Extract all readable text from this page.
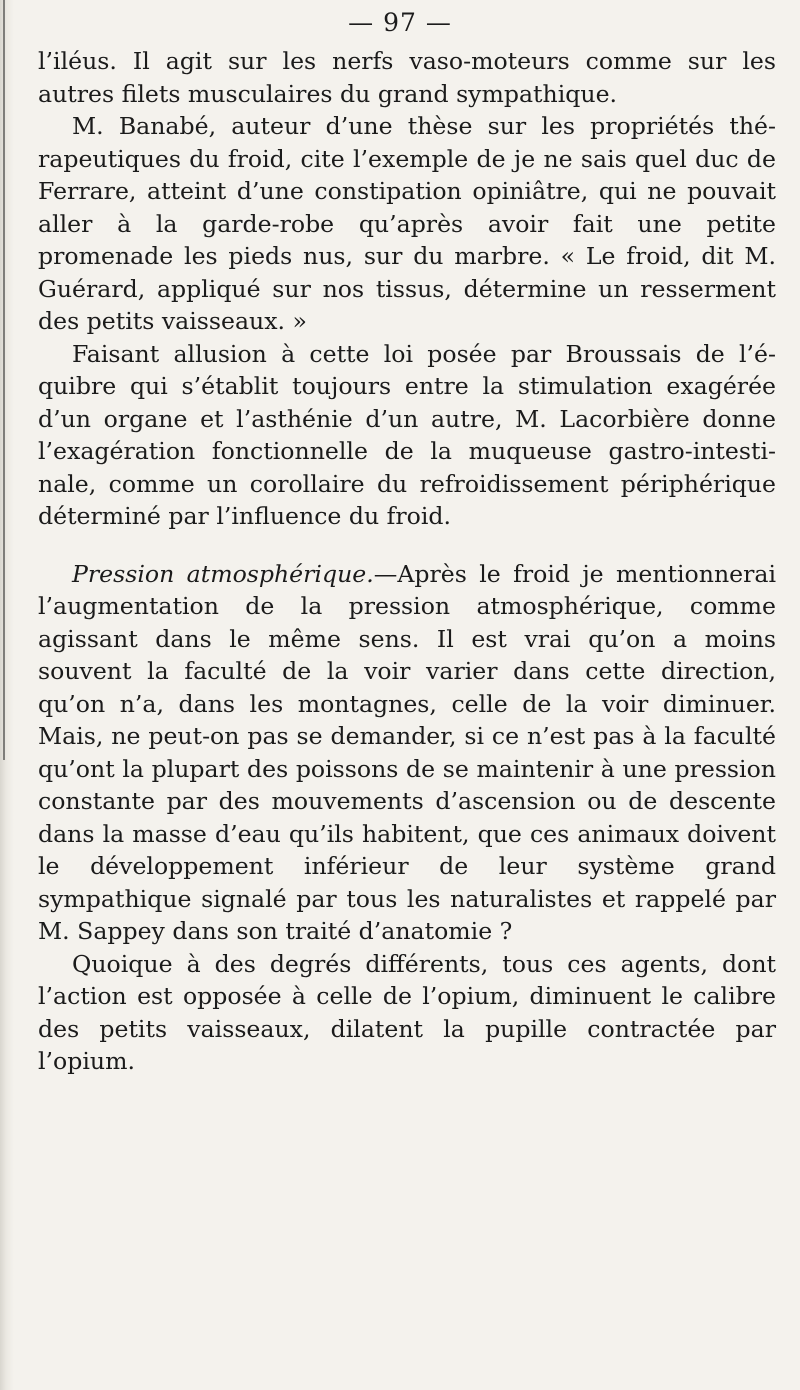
— 97 —

l’iléus. Il agit sur les nerfs vaso-moteurs comme sur les autres filets musculaires du grand sympathique.

M. Banabé, auteur d’une thèse sur les propriétés thérapeutiques du froid, cite l’exemple de je ne sais quel duc de Ferrare, atteint d’une constipation opiniâtre, qui ne pouvait aller à la garde-robe qu’après avoir fait une petite promenade les pieds nus, sur du marbre. « Le froid, dit M. Guérard, appliqué sur nos tissus, détermine un resserment des petits vaisseaux. »

Faisant allusion à cette loi posée par Broussais de l’équibre qui s’établit toujours entre la stimulation exagérée d’un organe et l’asthénie d’un autre, M. Lacorbière donne l’exagération fonctionnelle de la muqueuse gastro-intestinale, comme un corollaire du refroidissement périphérique déterminé par l’influence du froid.

Pression atmosphérique.—Après le froid je mentionnerai l’augmentation de la pression atmosphérique, comme agissant dans le même sens. Il est vrai qu’on a moins souvent la faculté de la voir varier dans cette direction, qu’on n’a, dans les montagnes, celle de la voir diminuer. Mais, ne peut-on pas se demander, si ce n’est pas à la faculté qu’ont la plupart des poissons de se maintenir à une pression constante par des mouvements d’ascension ou de descente dans la masse d’eau qu’ils habitent, que ces animaux doivent le développement inférieur de leur système grand sympathique signalé par tous les naturalistes et rappelé par M. Sappey dans son traité d’anatomie ?

Quoique à des degrés différents, tous ces agents, dont l’action est opposée à celle de l’opium, diminuent le calibre des petits vaisseaux, dilatent la pupille contractée par l’opium.
